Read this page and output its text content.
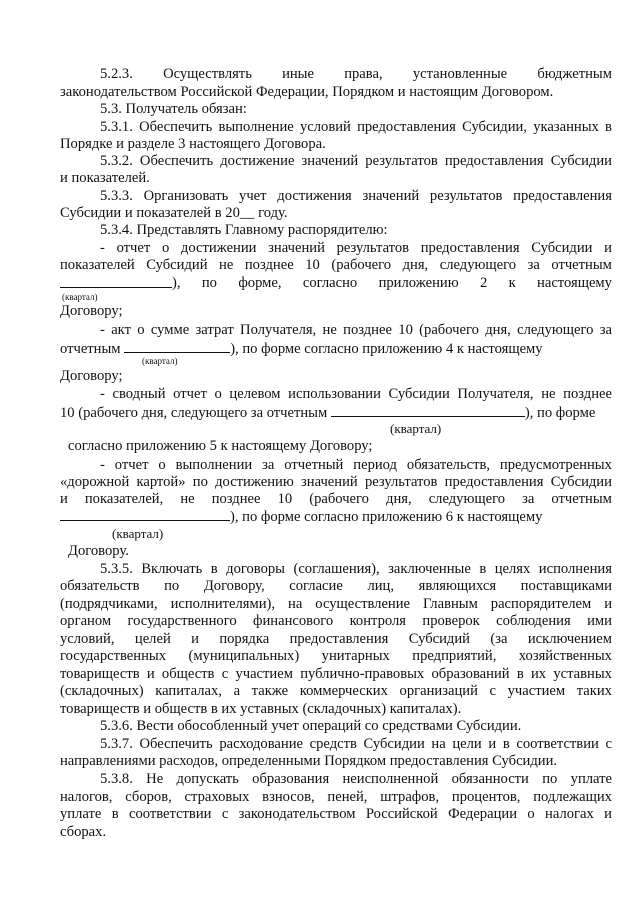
5.2.3. Осуществлять иные права, установленные бюджетным
законодательством Российской Федерации, Порядком и настоящим Договором.
5.3. Получатель обязан:
5.3.1. Обеспечить выполнение условий предоставления Субсидии, указанных в
Порядке и разделе 3 настоящего Договора.
5.3.2. Обеспечить достижение значений результатов предоставления Субсидии
и показателей.
5.3.3. Организовать учет достижения значений результатов предоставления
Субсидии и показателей в 20__ году.
5.3.4. Представлять Главному распорядителю:
- отчет о достижении значений результатов предоставления Субсидии и
показателей Субсидий не позднее 10 (рабочего дня, следующего за отчетным
), по форме, согласно приложению 2 к настоящему
(квартал)
Договору;
- акт о сумме затрат Получателя, не позднее 10 (рабочего дня, следующего за
отчетным	), по форме согласно приложению 4 к настоящему
(квартал)
Договору;
- сводный отчет о целевом использовании Субсидии Получателя, не позднее
10 (рабочего дня, следующего за отчетным	), по форме
(квартал)
согласно приложению 5 к настоящему Договору;
- отчет о выполнении за отчетный период обязательств, предусмотренных
«дорожной картой» по достижению значений результатов предоставления Субсидии
и показателей, не позднее 10 (рабочего дня, следующего за отчетным
), по форме согласно приложению 6 к настоящему
(квартал)
Договору.
5.3.5. Включать в договоры (соглашения), заключенные в целях исполнения
обязательств по Договору, согласие лиц, являющихся поставщиками
(подрядчиками, исполнителями), на осуществление Главным распорядителем и
органом государственного финансового контроля проверок соблюдения ими
условий, целей и порядка предоставления Субсидий (за исключением
государственных (муниципальных) унитарных предприятий, хозяйственных
товариществ и обществ с участием публично-правовых образований в их уставных
(складочных) капиталах, а также коммерческих организаций с участием таких
товариществ и обществ в их уставных (складочных) капиталах).
5.3.6. Вести обособленный учет операций со средствами Субсидии.
5.3.7. Обеспечить расходование средств Субсидии на цели и в соответствии с
направлениями расходов, определенными Порядком предоставления Субсидии.
5.3.8. Не допускать образования неисполненной обязанности по уплате
налогов, сборов, страховых взносов, пеней, штрафов, процентов, подлежащих
уплате в соответствии с законодательством Российской Федерации о налогах и
сборах.
